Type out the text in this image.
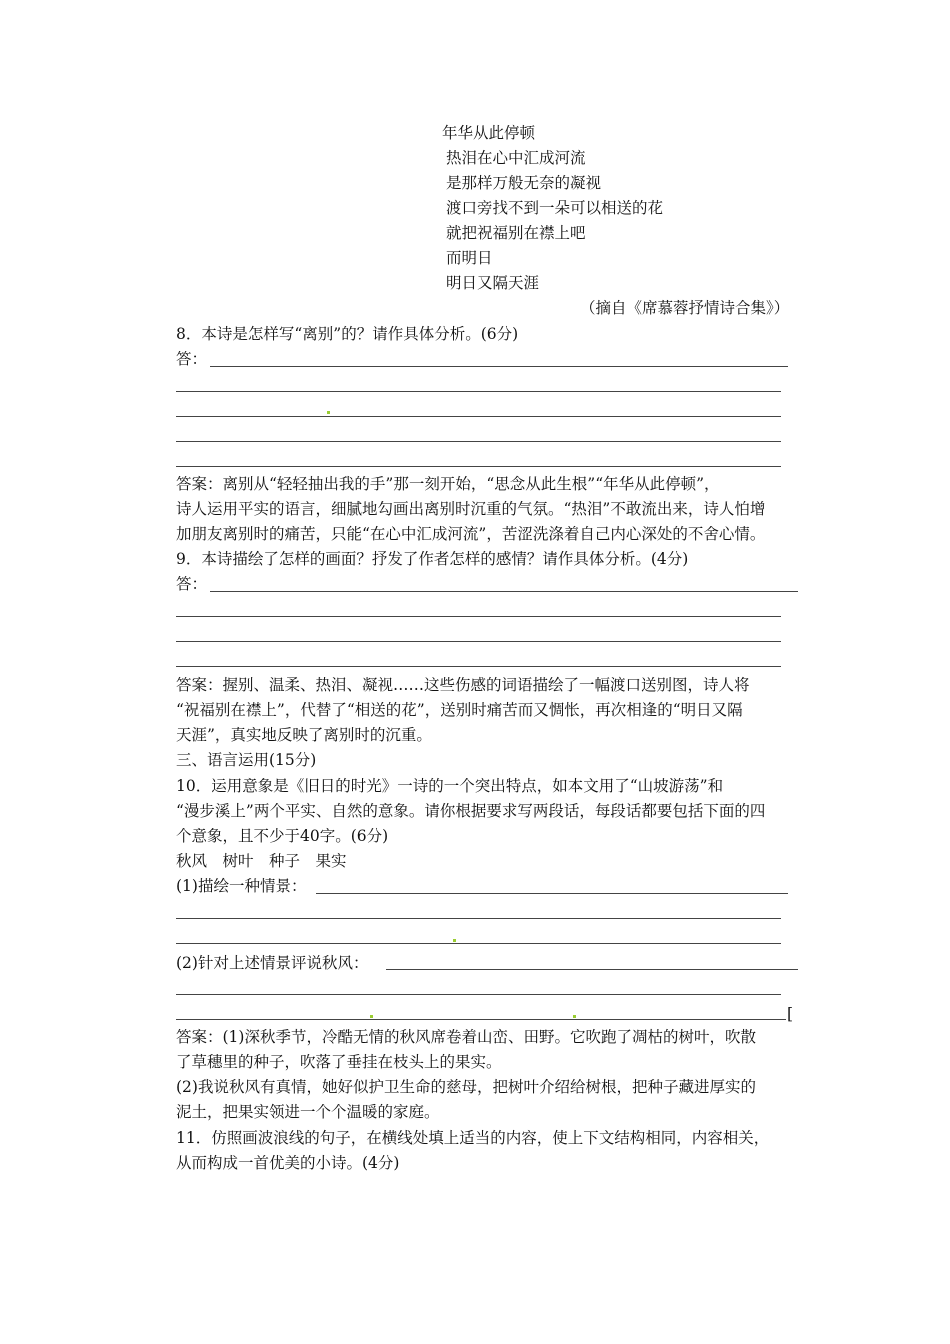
年华从此停顿
热泪在心中汇成河流
是那样万般无奈的凝视
渡口旁找不到一朵可以相送的花
就把祝福别在襟上吧
而明日
明日又隔天涯
（摘自《席慕蓉抒情诗合集》）
8．本诗是怎样写“离别”的？请作具体分析。(6分)
答：
答案：离别从“轻轻抽出我的手”那一刻开始，“思念从此生根”“年华从此停顿”，
诗人运用平实的语言，细腻地勾画出离别时沉重的气氛。“热泪”不敢流出来，诗人怕增
加朋友离别时的痛苦，只能“在心中汇成河流”，苦涩洗涤着自己内心深处的不舍心情。
9．本诗描绘了怎样的画面？抒发了作者怎样的感情？请作具体分析。(4分)
答：
答案：握别、温柔、热泪、凝视……这些伤感的词语描绘了一幅渡口送别图，诗人将
“祝福别在襟上”，代替了“相送的花”，送别时痛苦而又惆怅，再次相逢的“明日又隔
天涯”，真实地反映了离别时的沉重。
三、语言运用(15分)
10．运用意象是《旧日的时光》一诗的一个突出特点，如本文用了“山坡游荡”和
“漫步溪上”两个平实、自然的意象。请你根据要求写两段话，每段话都要包括下面的四
个意象，且不少于40字。(6分)
秋风　树叶　种子　果实
(1)描绘一种情景：
(2)针对上述情景评说秋风：
[
答案：(1)深秋季节，冷酷无情的秋风席卷着山峦、田野。它吹跑了凋枯的树叶，吹散
了草穗里的种子，吹落了垂挂在枝头上的果实。
(2)我说秋风有真情，她好似护卫生命的慈母，把树叶介绍给树根，把种子藏进厚实的
泥土，把果实领进一个个温暖的家庭。
11．仿照画波浪线的句子，在横线处填上适当的内容，使上下文结构相同，内容相关，
从而构成一首优美的小诗。(4分)
